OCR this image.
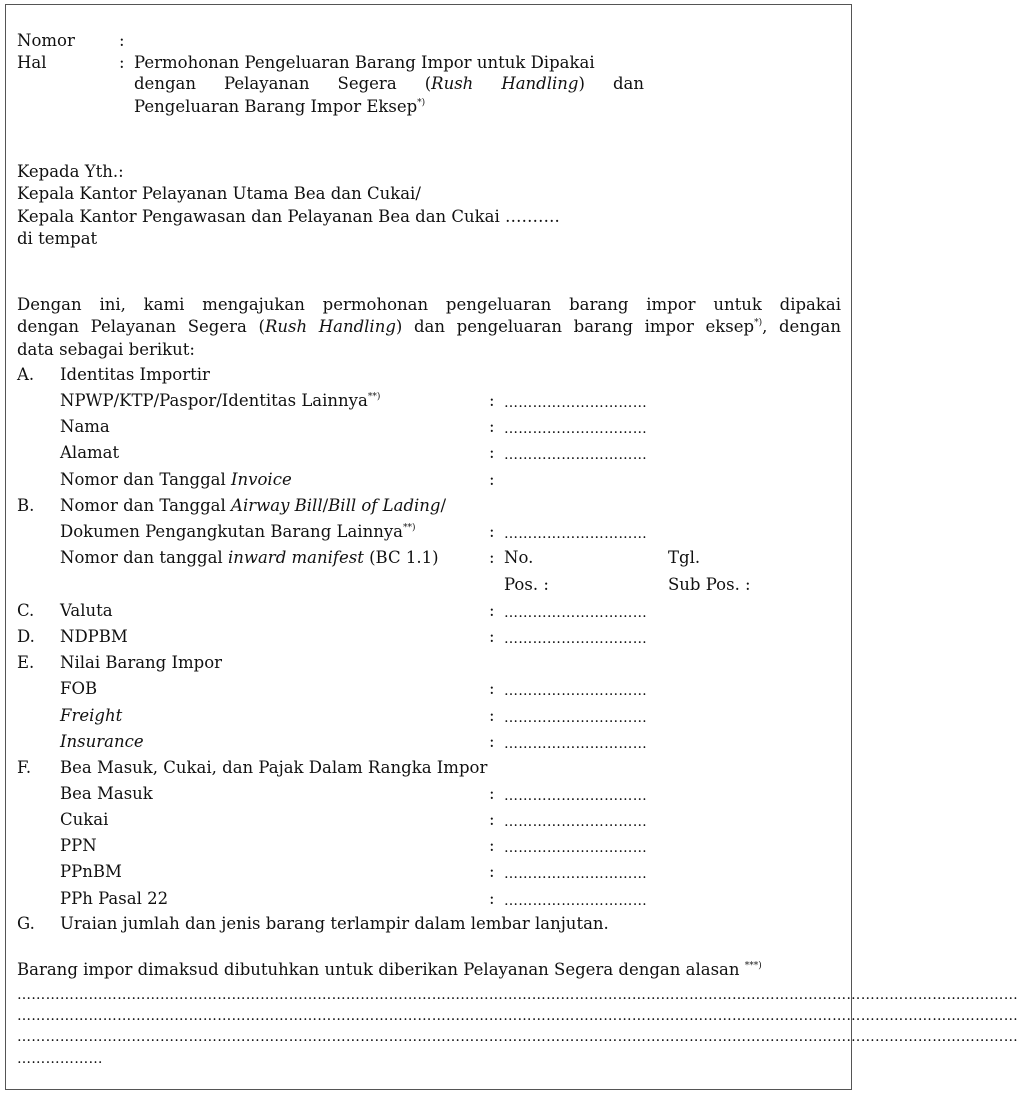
Nomor	:
Hal	: Permohonan Pengeluaran Barang Impor untuk Dipakai
dengan Pelayanan Segera (Rush Handling) dan
Pengeluaran Barang Impor Eksep*)
Kepada Yth.:
Kepala Kantor Pelayanan Utama Bea dan Cukai/
Kepala Kantor Pengawasan dan Pelayanan Bea dan Cukai ……….
di tempat
Dengan ini, kami mengajukan permohonan pengeluaran barang impor untuk dipakai
dengan Pelayanan Segera (Rush Handling) dan pengeluaran barang impor eksep*), dengan
data sebagai berikut:
A. Identitas Importir
NPWP/KTP/Paspor/Identitas Lainnya**)	: …………………………
Nama	: …………………………
Alamat	: …………………………
Nomor dan Tanggal Invoice	:
B. Nomor dan Tanggal Airway Bill/Bill of Lading/
Dokumen Pengangkutan Barang Lainnya**)	: …………………………
Nomor dan tanggal inward manifest (BC 1.1)	: No.	Tgl.
Pos. :	Sub Pos. :
C. Valuta	: …………………………
D. NDPBM	: …………………………
E. Nilai Barang Impor
FOB	: …………………………
Freight	: …………………………
Insurance	: …………………………
F. Bea Masuk, Cukai, dan Pajak Dalam Rangka Impor
Bea Masuk	: …………………………
Cukai	: …………………………
PPN	: …………………………
PPnBM	: …………………………
PPh Pasal 22	: …………………………
G. Uraian jumlah dan jenis barang terlampir dalam lembar lanjutan.
Barang impor dimaksud dibutuhkan untuk diberikan Pelayanan Segera dengan alasan ***)
…………………………………………………………………………………………………………………………………………………………………………………………
…………………………………………………………………………………………………………………………………………………………………………………………
…………………………………………………………………………………………………………………………………………………………………………………………
………………
